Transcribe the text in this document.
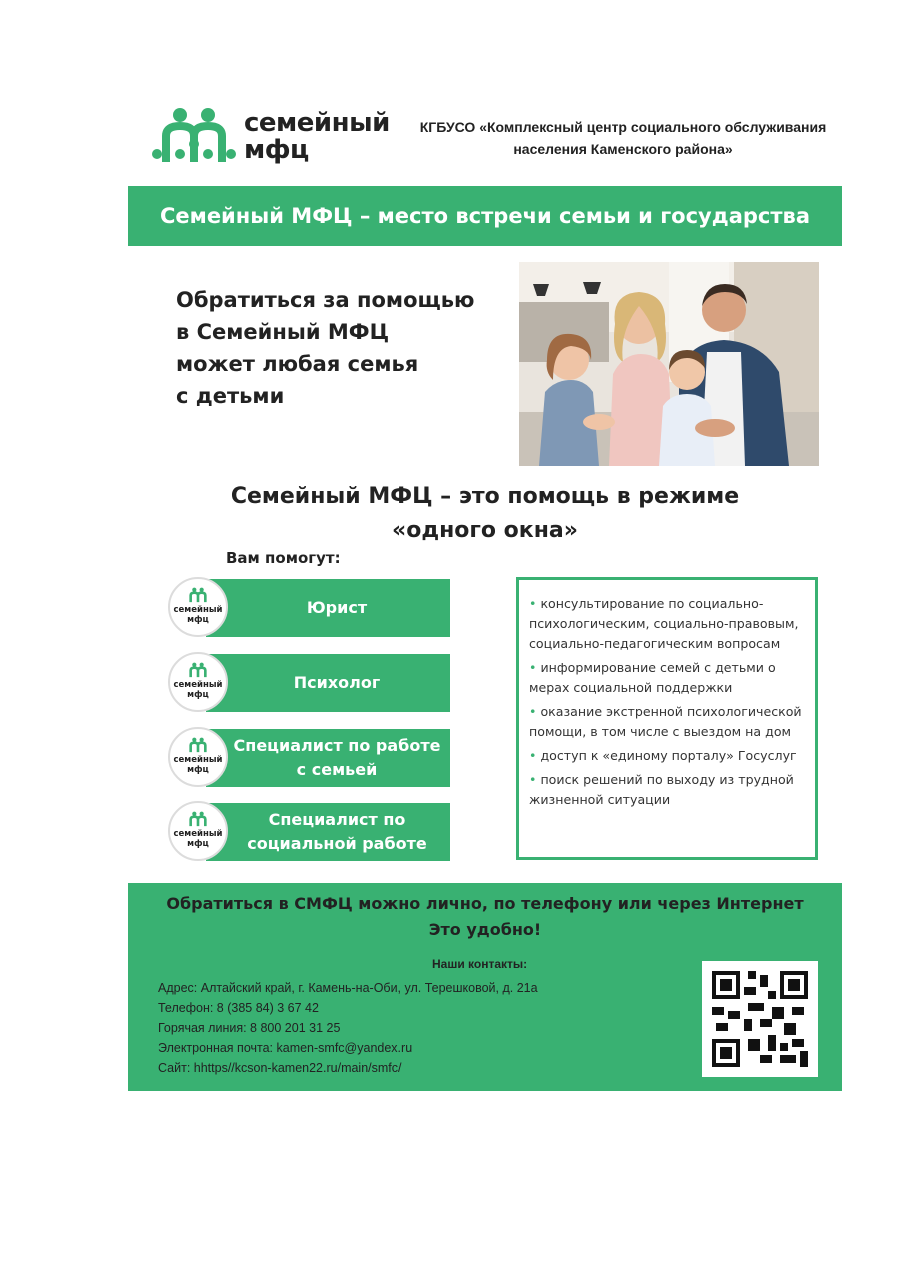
семейный
мфц
КГБУСО «Комплексный центр социального обслуживания населения Каменского района»
Семейный МФЦ – место встречи семьи и государства
Обратиться за помощью
в Семейный МФЦ
может любая семья
с детьми
Семейный МФЦ – это помощь в режиме
«одного окна»
Вам помогут:
Юрист
семейный
мфц
Психолог
семейный
мфц
Специалист по работе
с семьей
семейный
мфц
Специалист по
социальной работе
семейный
мфц
• консультирование по социально-психологическим, социально-правовым, социально-педагогическим вопросам
• информирование семей с детьми о мерах социальной поддержки
• оказание экстренной психологической помощи, в том числе с выездом на дом
• доступ к «единому порталу» Госуслуг
• поиск решений по выходу из трудной жизненной ситуации
Обратиться в СМФЦ можно лично, по телефону или через Интернет
Это удобно!
Наши контакты:
Адрес: Алтайский край, г. Камень-на-Оби, ул. Терешковой, д. 21а
Телефон: 8 (385 84) 3 67 42
Горячая линия: 8 800 201 31 25
Электронная почта: kamen-smfc@yandex.ru
Сайт: hhttps//kcson-kamen22.ru/main/smfc/
